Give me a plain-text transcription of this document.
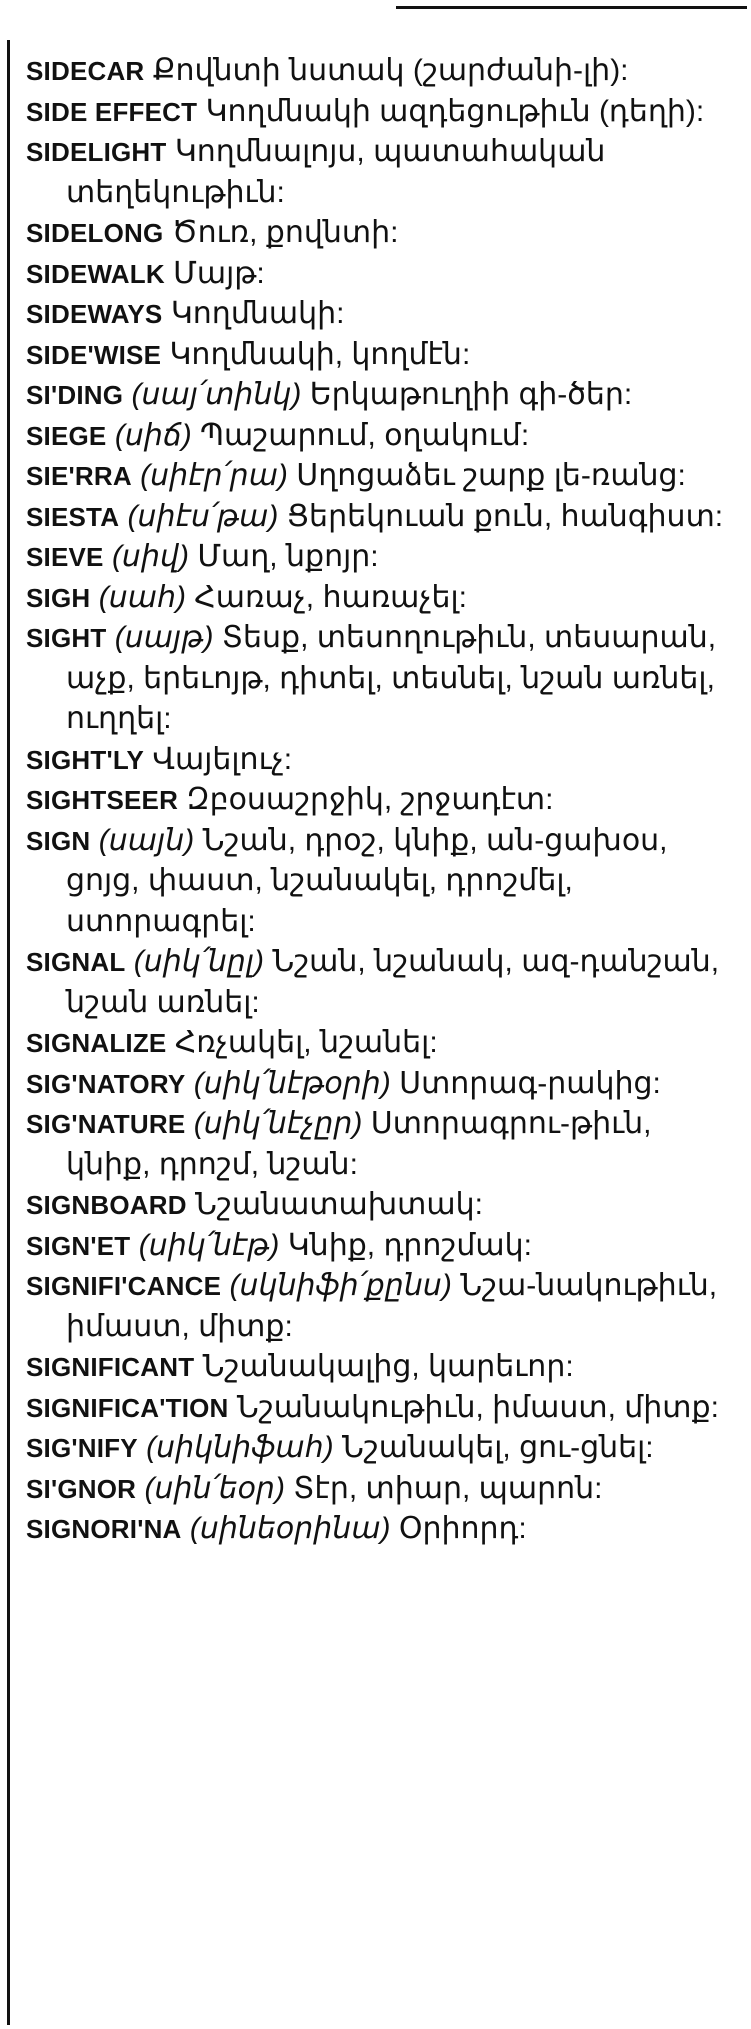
SIDECAR Քովնտի նստակ (շարժանի-լի):

SIDE EFFECT Կողմնակի ազդեցութիւն (դեղի):

SIDELIGHT Կողմնալոյս, պատահական տեղեկութիւն:

SIDELONG Ծուռ, քովնտի:

SIDEWALK Մայթ:

SIDEWAYS Կողմնակի:

SIDE'WISE Կողմնակի, կողմէն:

SI'DING (սայ՛տինկ) Երկաթուղիի գի-ծեր:

SIEGE (սիճ) Պաշարում, օղակում:

SIE'RRA (սիէր՛րա) Սղոցաձեւ շարք լե-ռանց:

SIESTA (սիէս՛թա) Ցերեկուան քուն, հանգիստ:

SIEVE (սիվ) Մաղ, նքոյր:

SIGH (սահ) Հառաչ, հառաչել:

SIGHT (սայթ) Տեսք, տեսողութիւն, տեսարան, աչք, երեւոյթ, դիտել, տեսնել, նշան առնել, ուղղել:

SIGHT'LY Վայելուչ:

SIGHTSEER Զբօսաշրջիկ, շրջադէտ:

SIGN (սայն) Նշան, դրօշ, կնիք, ան-ցախօս, ցոյց, փաստ, նշանակել, դրոշմել, ստորագրել:

SIGNAL (սիկ՛նըլ) Նշան, նշանակ, ազ-դանշան, նշան առնել:

SIGNALIZE Հռչակել, նշանել:

SIG'NATORY (սիկ՛նէթօրի) Ստորագ-րակից:

SIG'NATURE (սիկ՛նէչըր) Ստորագրու-թիւն, կնիք, դրոշմ, նշան:

SIGNBOARD Նշանատախտակ:

SIGN'ET (սիկ՛նէթ) Կնիք, դրոշմակ:

SIGNIFI'CANCE (սկնիֆի՛քընս) Նշա-նակութիւն, իմաստ, միտք:

SIGNIFICANT Նշանակալից, կարեւոր:

SIGNIFICA'TION Նշանակութիւն, իմաստ, միտք:

SIG'NIFY (սիկնիֆահ) Նշանակել, ցու-ցնել:

SI'GNOR (սին՛եօր) Տէր, տիար, պարոն:

SIGNORI'NA (սինեօրինա) Օրիորդ:
